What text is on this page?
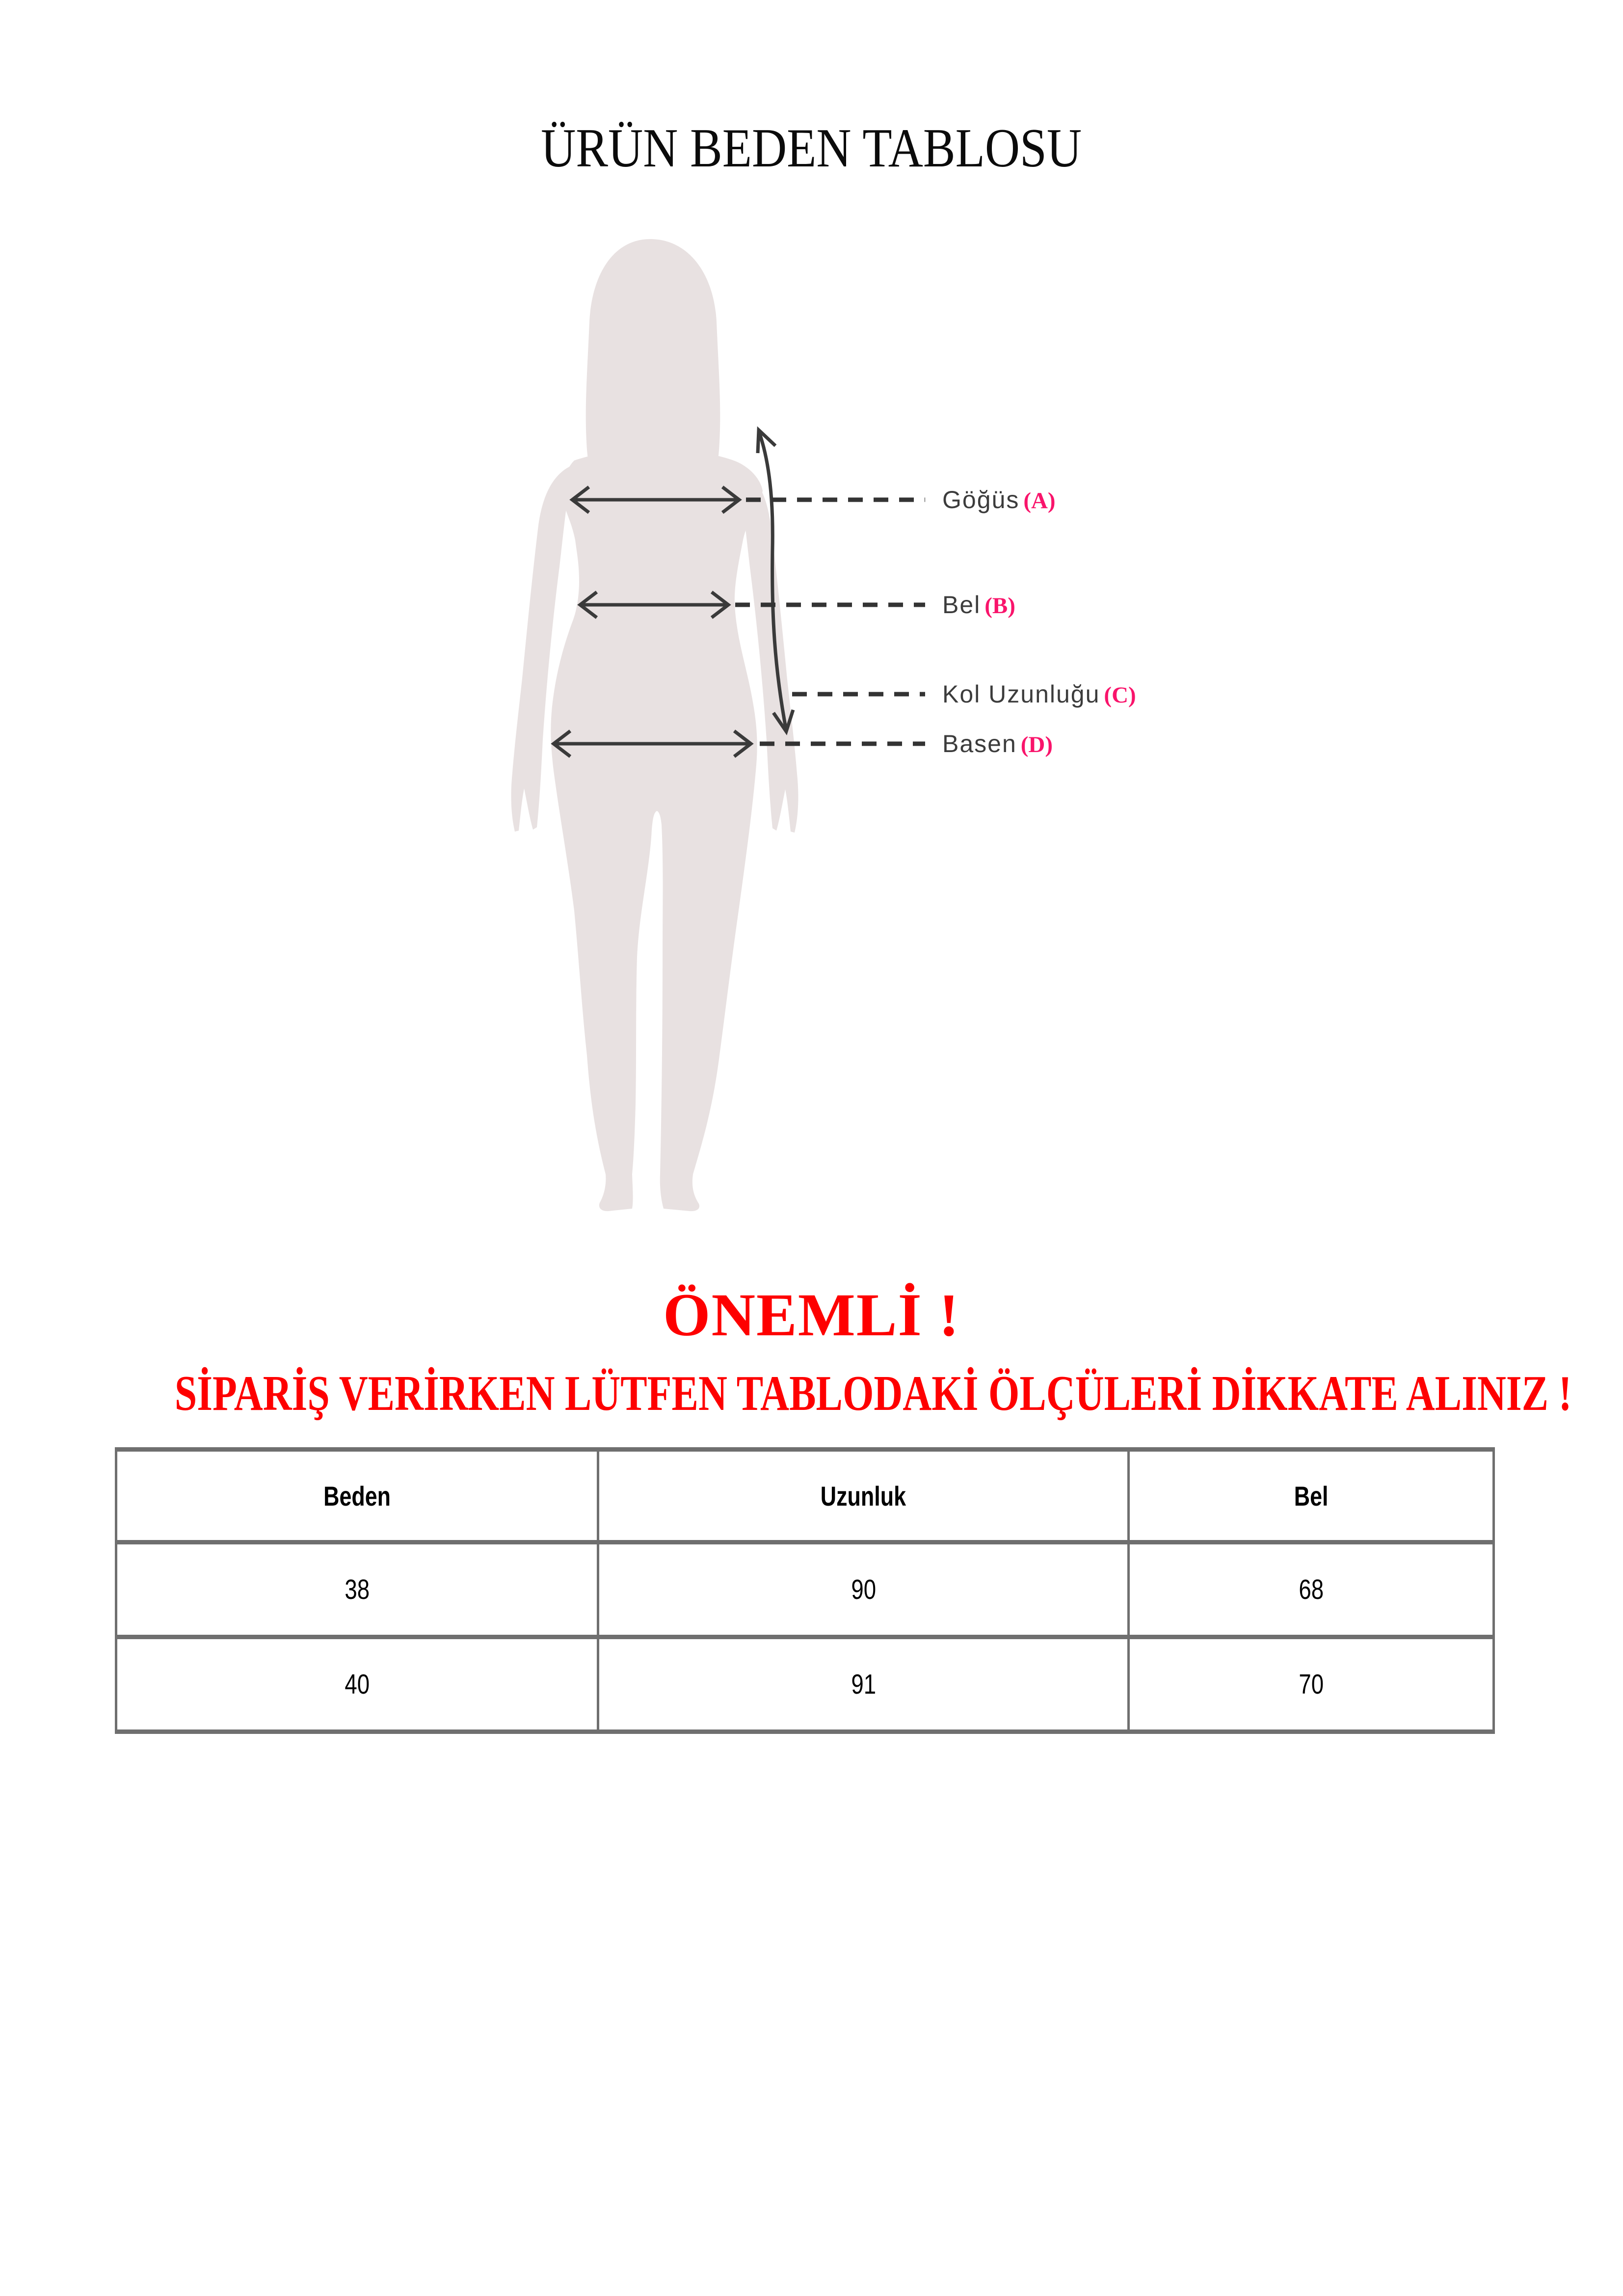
ÜRÜN BEDEN TABLOSU
Göğüs (A)
Bel (B)
Kol Uzunluğu (C)
Basen (D)
ÖNEMLİ !
SİPARİŞ VERİRKEN LÜTFEN TABLODAKİ ÖLÇÜLERİ DİKKATE ALINIZ !
Beden	Uzunluk	Bel
38	90	68
40	91	70
